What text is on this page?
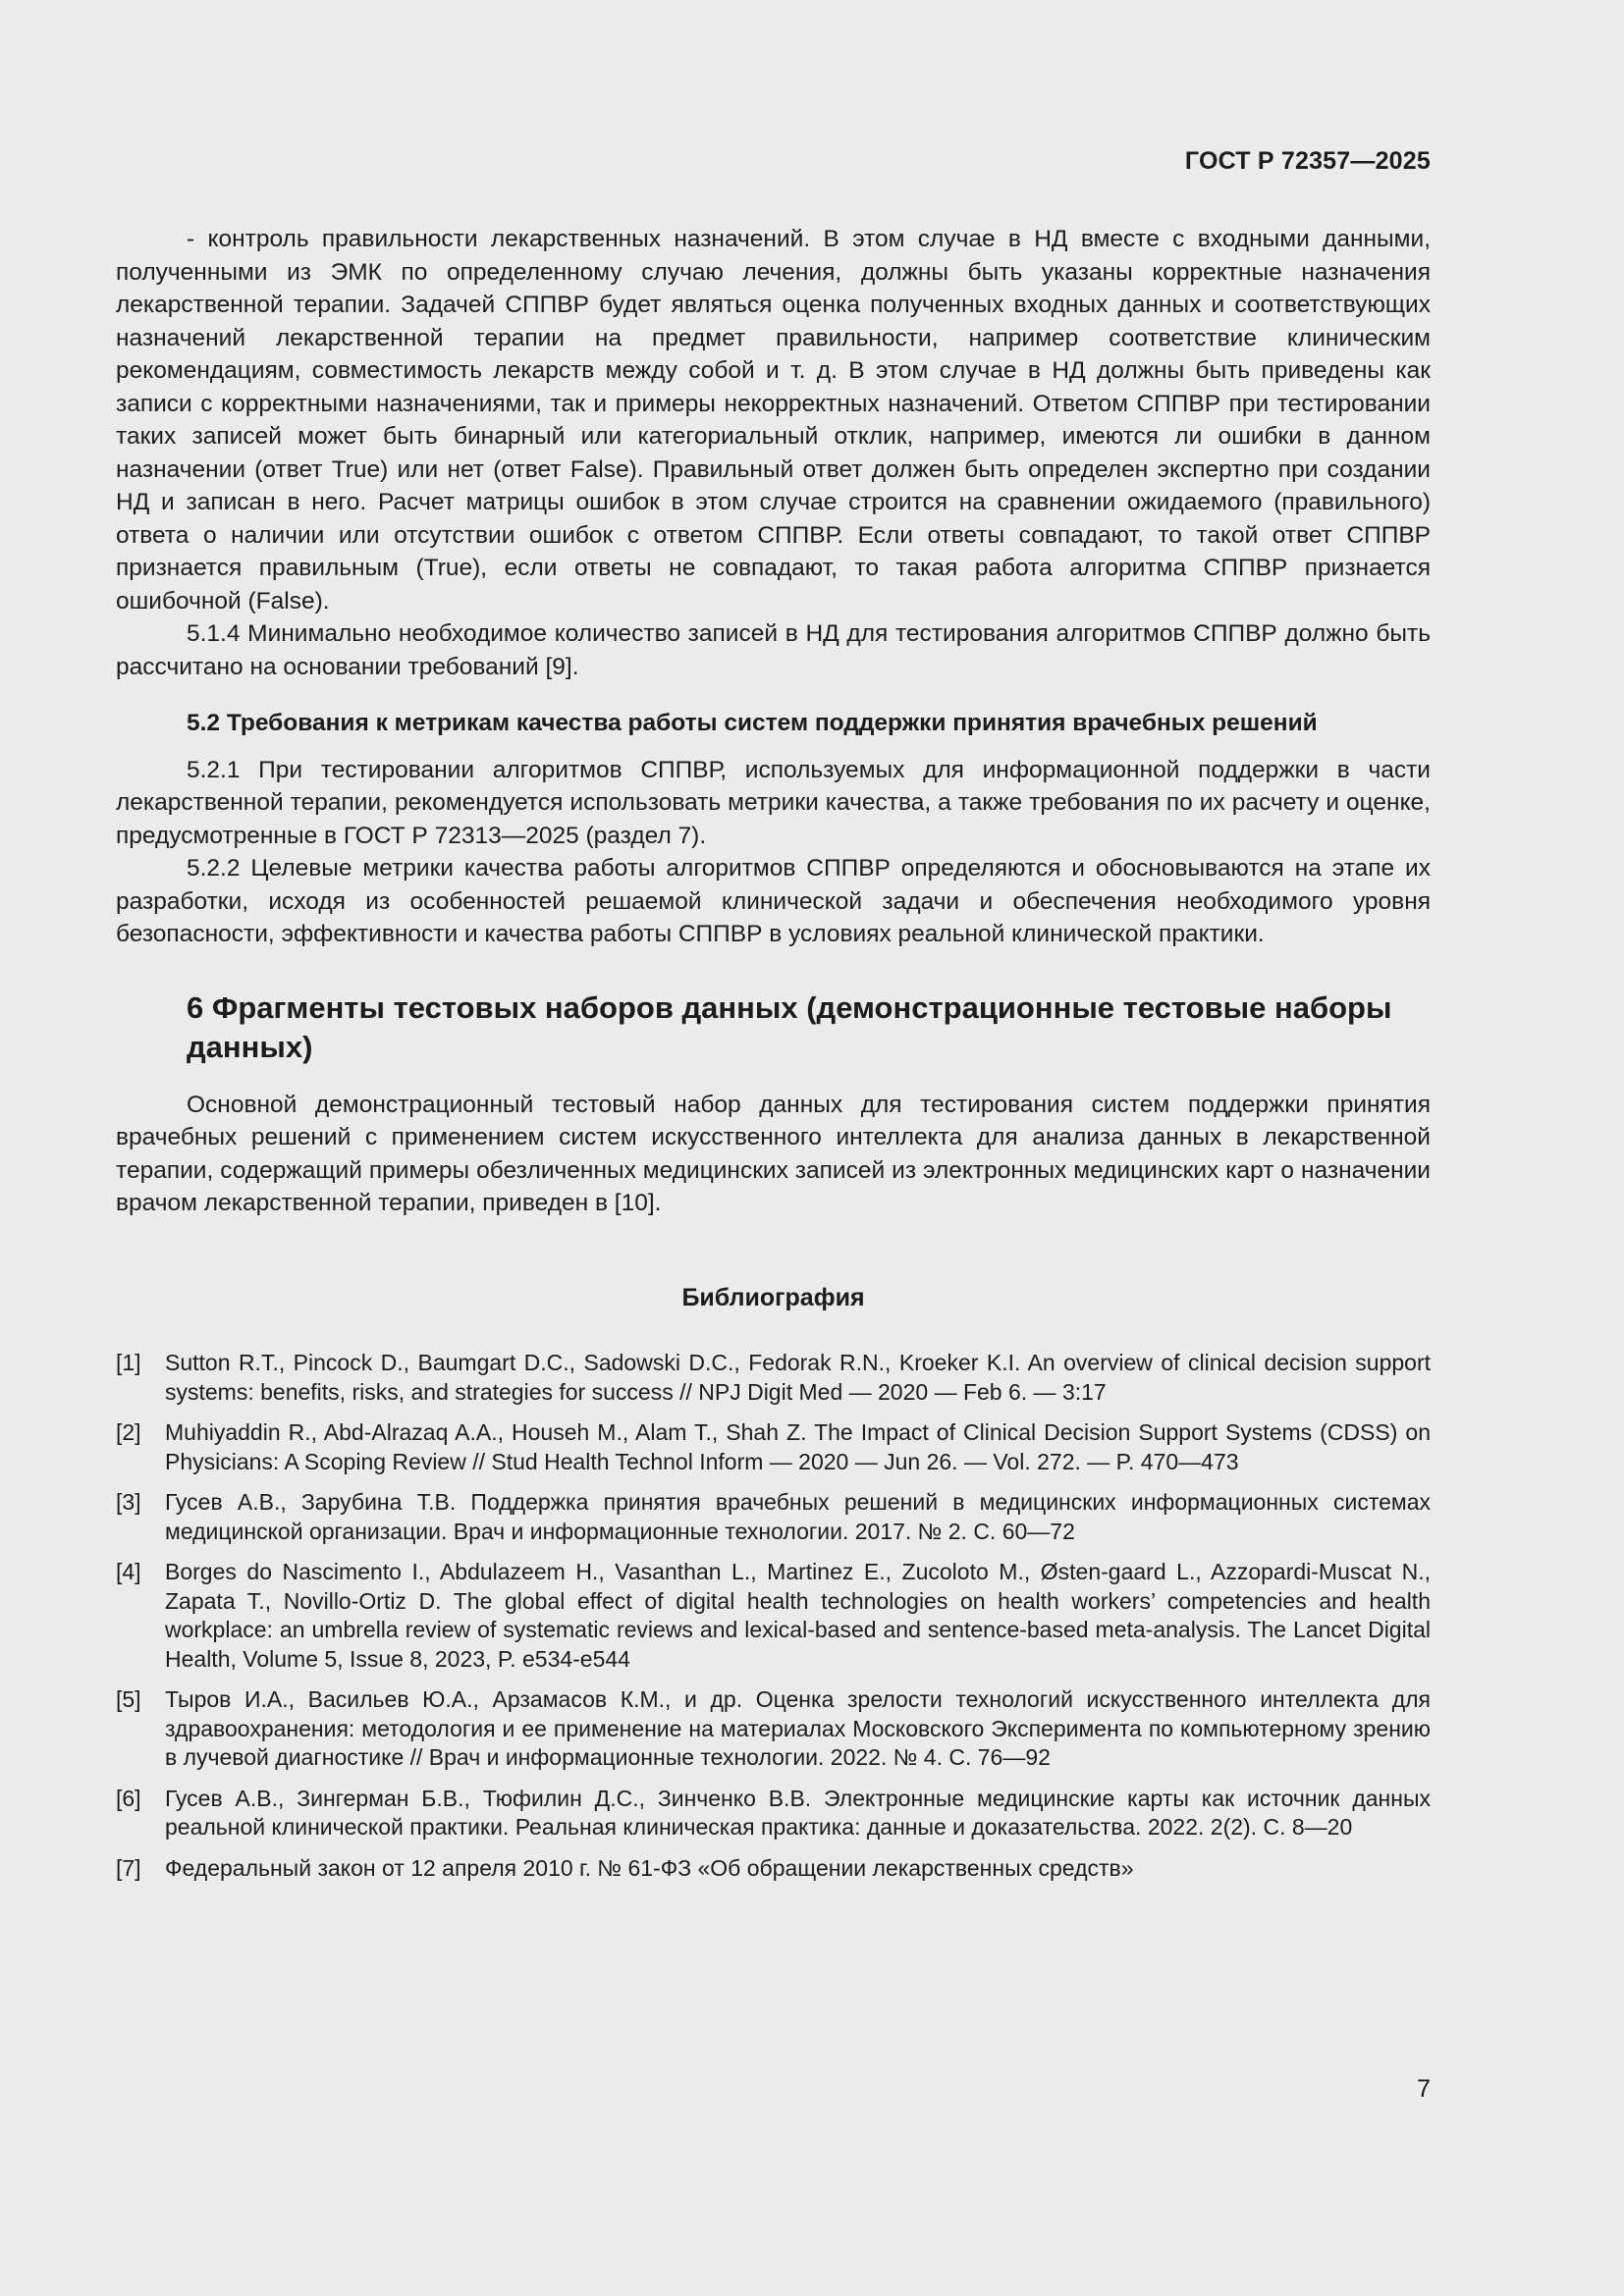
ГОСТ Р 72357—2025

- контроль правильности лекарственных назначений. В этом случае в НД вместе с входными данными, полученными из ЭМК по определенному случаю лечения, должны быть указаны корректные назначения лекарственной терапии. Задачей СППВР будет являться оценка полученных входных данных и соответствующих назначений лекарственной терапии на предмет правильности, например соответствие клиническим рекомендациям, совместимость лекарств между собой и т. д. В этом случае в НД должны быть приведены как записи с корректными назначениями, так и примеры некорректных назначений. Ответом СППВР при тестировании таких записей может быть бинарный или категориальный отклик, например, имеются ли ошибки в данном назначении (ответ True) или нет (ответ False). Правильный ответ должен быть определен экспертно при создании НД и записан в него. Расчет матрицы ошибок в этом случае строится на сравнении ожидаемого (правильного) ответа о наличии или отсутствии ошибок с ответом СППВР. Если ответы совпадают, то такой ответ СППВР признается правильным (True), если ответы не совпадают, то такая работа алгоритма СППВР признается ошибочной (False).

5.1.4 Минимально необходимое количество записей в НД для тестирования алгоритмов СППВР должно быть рассчитано на основании требований [9].

5.2 Требования к метрикам качества работы систем поддержки принятия врачебных решений

5.2.1 При тестировании алгоритмов СППВР, используемых для информационной поддержки в части лекарственной терапии, рекомендуется использовать метрики качества, а также требования по их расчету и оценке, предусмотренные в ГОСТ Р 72313—2025 (раздел 7).

5.2.2 Целевые метрики качества работы алгоритмов СППВР определяются и обосновываются на этапе их разработки, исходя из особенностей решаемой клинической задачи и обеспечения необходимого уровня безопасности, эффективности и качества работы СППВР в условиях реальной клинической практики.

6 Фрагменты тестовых наборов данных (демонстрационные тестовые наборы данных)

Основной демонстрационный тестовый набор данных для тестирования систем поддержки принятия врачебных решений с применением систем искусственного интеллекта для анализа данных в лекарственной терапии, содержащий примеры обезличенных медицинских записей из электронных медицинских карт о назначении врачом лекарственной терапии, приведен в [10].

Библиография
[1]	Sutton R.T., Pincock D., Baumgart D.C., Sadowski D.C., Fedorak R.N., Kroeker K.I. An overview of clinical decision support systems: benefits, risks, and strategies for success // NPJ Digit Med — 2020 — Feb 6. — 3:17
[2]	Muhiyaddin R., Abd-Alrazaq A.A., Househ M., Alam T., Shah Z. The Impact of Clinical Decision Support Systems (CDSS) on Physicians: A Scoping Review // Stud Health Technol Inform — 2020 — Jun 26. — Vol. 272. — P. 470—473
[3]	Гусев А.В., Зарубина Т.В. Поддержка принятия врачебных решений в медицинских информационных системах медицинской организации. Врач и информационные технологии. 2017. № 2. С. 60—72
[4]	Borges do Nascimento I., Abdulazeem H., Vasanthan L., Martinez E., Zucoloto M., Østen-gaard L., Azzopardi-Muscat N., Zapata T., Novillo-Ortiz D. The global effect of digital health technologies on health workers’ competencies and health workplace: an umbrella review of systematic reviews and lexical-based and sentence-based meta-analysis. The Lancet Digital Health, Volume 5, Issue 8, 2023, P. e534-e544
[5]	Тыров И.А., Васильев Ю.А., Арзамасов К.М., и др. Оценка зрелости технологий искусственного интеллекта для здравоохранения: методология и ее применение на материалах Московского Эксперимента по компьютерному зрению в лучевой диагностике // Врач и информационные технологии. 2022. № 4. С. 76—92
[6]	Гусев А.В., Зингерман Б.В., Тюфилин Д.С., Зинченко В.В. Электронные медицинские карты как источник данных реальной клинической практики. Реальная клиническая практика: данные и доказательства. 2022. 2(2). С. 8—20
[7]	Федеральный закон от 12 апреля 2010 г. № 61-ФЗ «Об обращении лекарственных средств»
7
